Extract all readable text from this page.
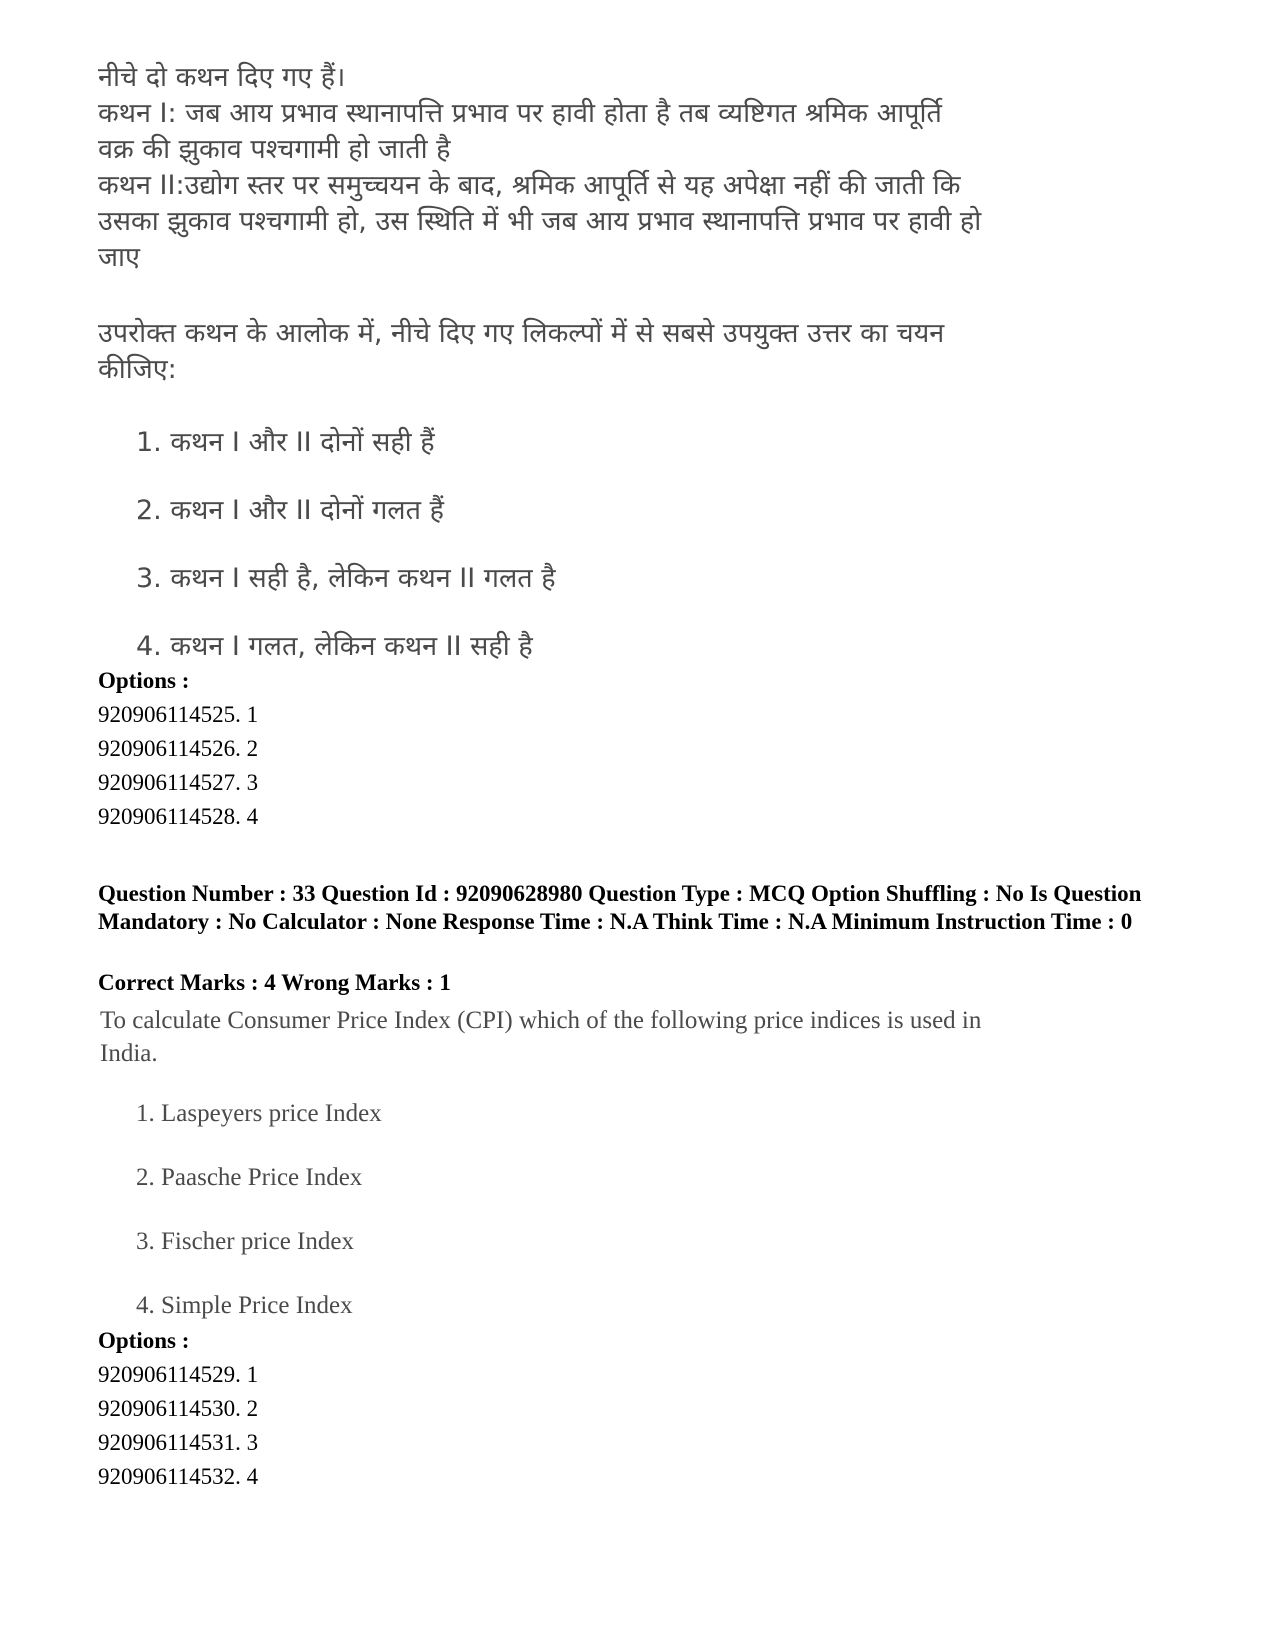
नीचे दो कथन दिए गए हैं।
कथन I: जब आय प्रभाव स्थानापत्ति प्रभाव पर हावी होता है तब व्यष्टिगत श्रमिक आपूर्ति
वक्र की झुकाव पश्चगामी हो जाती है
कथन II:उद्योग स्तर पर समुच्चयन के बाद, श्रमिक आपूर्ति से यह अपेक्षा नहीं की जाती कि
उसका झुकाव पश्चगामी हो, उस स्थिति में भी जब आय प्रभाव स्थानापत्ति प्रभाव पर हावी हो
जाए
उपरोक्त कथन के आलोक में, नीचे दिए गए लिकल्पों में से सबसे उपयुक्त उत्तर का चयन
कीजिए:
1. कथन I और II दोनों सही हैं
2. कथन I और II दोनों गलत हैं
3. कथन I सही है, लेकिन कथन II गलत है
4. कथन I गलत, लेकिन कथन II सही है
Options :
920906114525. 1
920906114526. 2
920906114527. 3
920906114528. 4
Question Number : 33 Question Id : 92090628980 Question Type : MCQ Option Shuffling : No Is Question Mandatory : No Calculator : None Response Time : N.A Think Time : N.A Minimum Instruction Time : 0
Correct Marks : 4 Wrong Marks : 1
To calculate Consumer Price Index (CPI) which of the following price indices is used in India.
1. Laspeyers price Index
2. Paasche Price Index
3. Fischer price Index
4. Simple Price Index
Options :
920906114529. 1
920906114530. 2
920906114531. 3
920906114532. 4
